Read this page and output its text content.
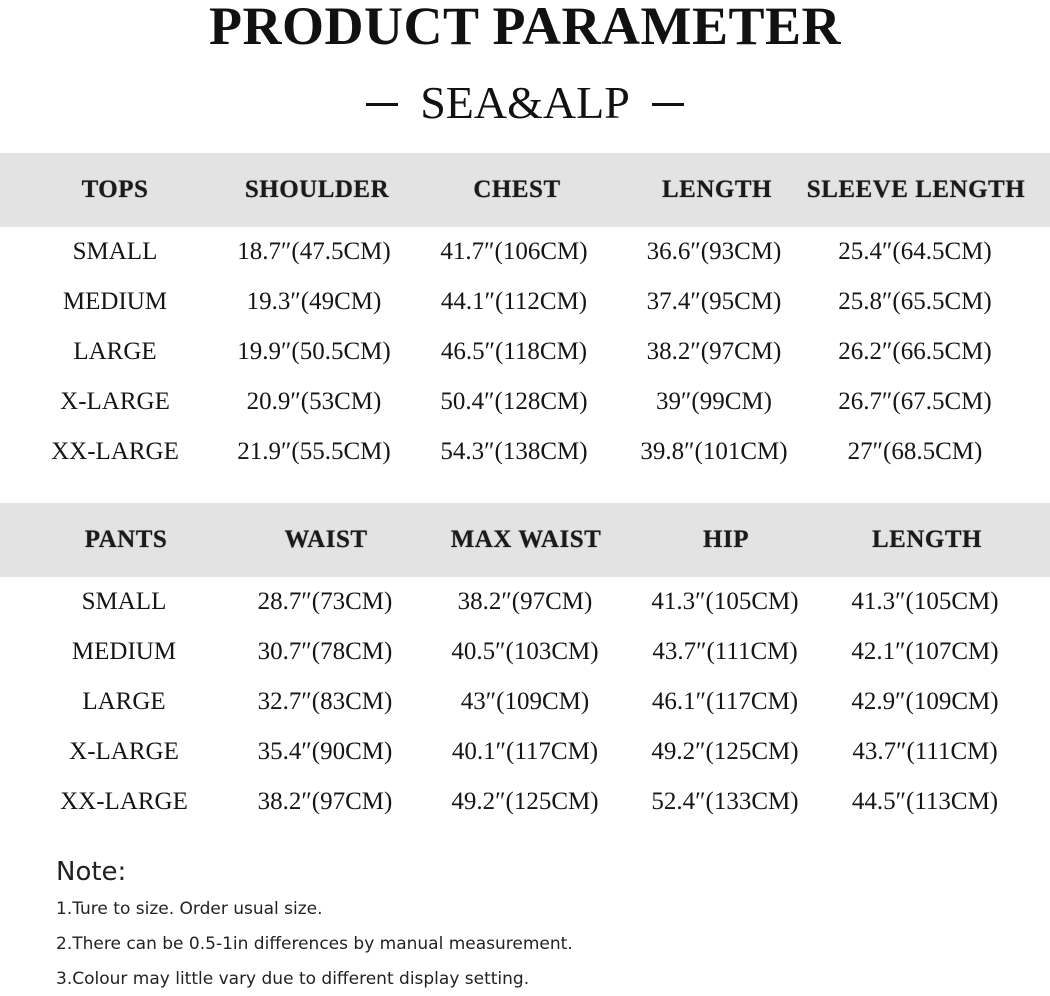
PRODUCT PARAMETER
SEA&ALP
TOPS	SHOULDER	CHEST	LENGTH	SLEEVE LENGTH
SMALL	18.7″(47.5CM)	41.7″(106CM)	36.6″(93CM)	25.4″(64.5CM)
MEDIUM	19.3″(49CM)	44.1″(112CM)	37.4″(95CM)	25.8″(65.5CM)
LARGE	19.9″(50.5CM)	46.5″(118CM)	38.2″(97CM)	26.2″(66.5CM)
X-LARGE	20.9″(53CM)	50.4″(128CM)	39″(99CM)	26.7″(67.5CM)
XX-LARGE	21.9″(55.5CM)	54.3″(138CM)	39.8″(101CM)	27″(68.5CM)
PANTS	WAIST	MAX WAIST	HIP	LENGTH
SMALL	28.7″(73CM)	38.2″(97CM)	41.3″(105CM)	41.3″(105CM)
MEDIUM	30.7″(78CM)	40.5″(103CM)	43.7″(111CM)	42.1″(107CM)
LARGE	32.7″(83CM)	43″(109CM)	46.1″(117CM)	42.9″(109CM)
X-LARGE	35.4″(90CM)	40.1″(117CM)	49.2″(125CM)	43.7″(111CM)
XX-LARGE	38.2″(97CM)	49.2″(125CM)	52.4″(133CM)	44.5″(113CM)
Note:
1.Ture to size. Order usual size.
2.There can be 0.5-1in differences by manual measurement.
3.Colour may little vary due to different display setting.
